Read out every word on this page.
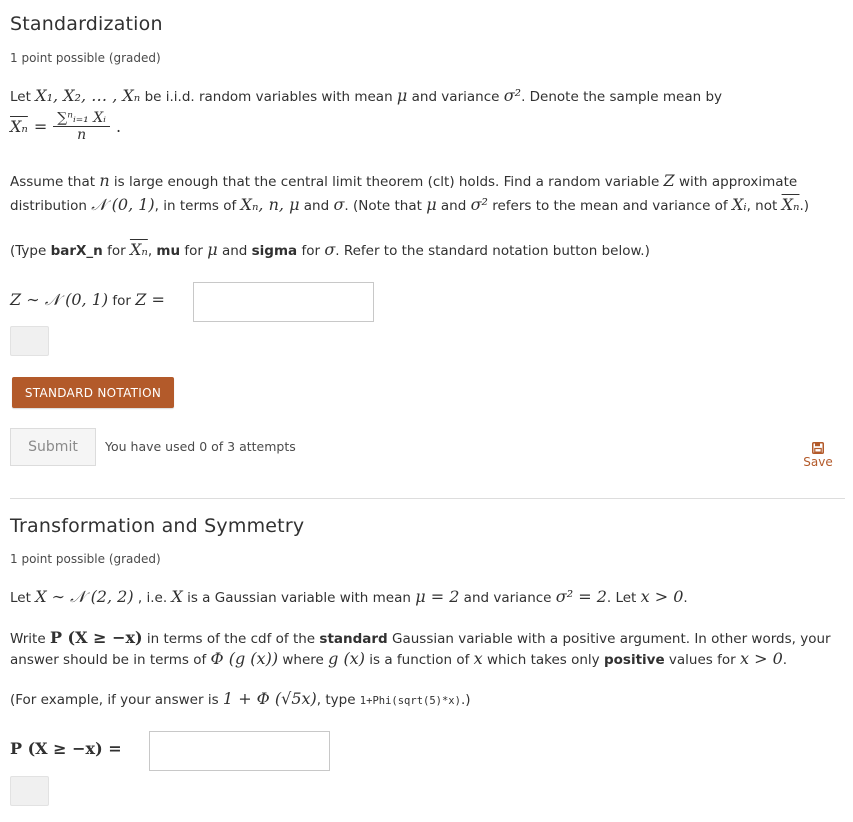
Standardization
1 point possible (graded)
Let X₁, X₂, … , Xₙ be i.i.d. random variables with mean μ and variance σ². Denote the sample mean by
$\overline{X_n} = \frac{\text{∑ⁿᵢ₌₁ Xᵢ}}{n}$ .
Assume that n is large enough that the central limit theorem (clt) holds. Find a random variable Z with approximate
distribution 𝒩 (0, 1), in terms of Xₙ, n, μ and σ. (Note that μ and σ² refers to the mean and variance of Xᵢ, not $\overline{X_n}$.)
(Type barX_n for $\overline{X_n}$, mu for μ and sigma for σ. Refer to the standard notation button below.)
Z ∼ 𝒩 (0, 1) for Z =
STANDARD NOTATION
Submit	You have used 0 of 3 attempts
Save
Transformation and Symmetry
1 point possible (graded)
Let X ∼ 𝒩 (2, 2) , i.e. X is a Gaussian variable with mean μ = 2 and variance σ² = 2. Let x > 0.
Write P (X ≥ −x) in terms of the cdf of the standard Gaussian variable with a positive argument. In other words, your
answer should be in terms of Φ (g (x)) where g (x) is a function of x which takes only positive values for x > 0.
(For example, if your answer is 1 + Φ (√5x), type 1+Phi(sqrt(5)*x).)
P (X ≥ −x) =
